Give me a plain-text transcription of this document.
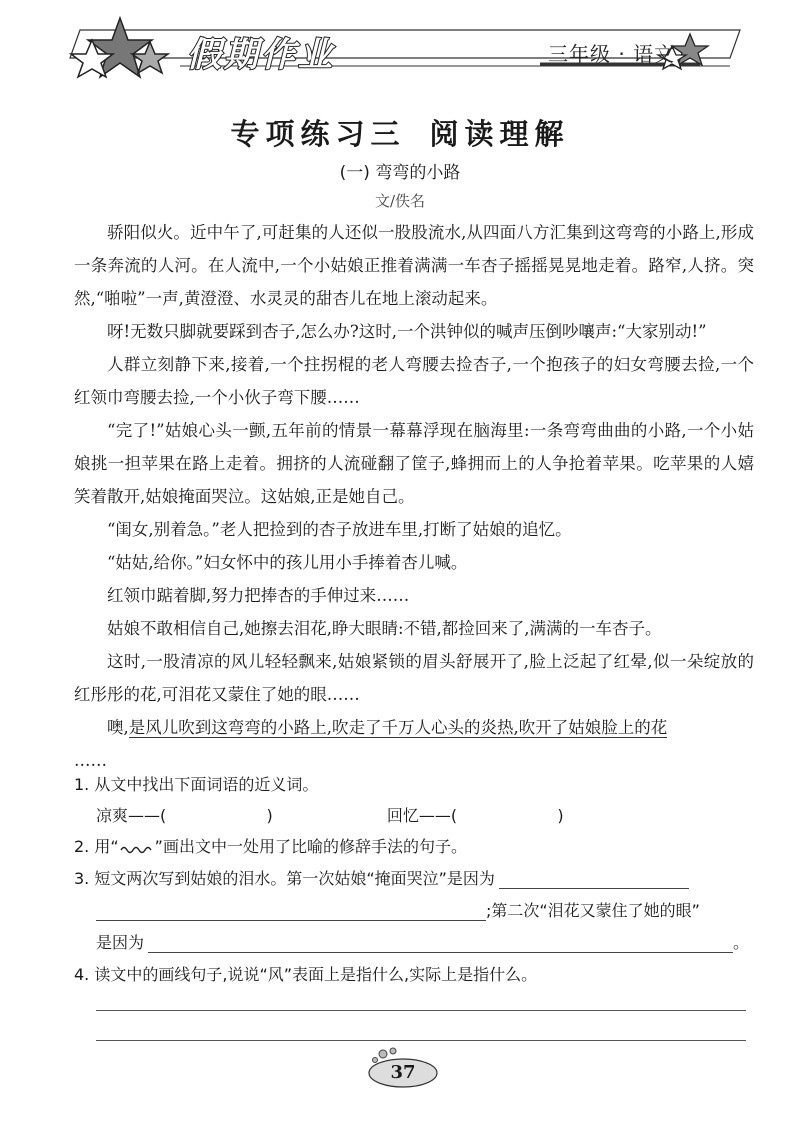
假期作业	三年级 · 语文
专项练习三 阅读理解
(一) 弯弯的小路
文/佚名

骄阳似火。近中午了,可赶集的人还似一股股流水,从四面八方汇集到这弯弯的小路上,形成一条奔流的人河。在人流中,一个小姑娘正推着满满一车杏子摇摇晃晃地走着。路窄,人挤。突然,“啪啦”一声,黄澄澄、水灵灵的甜杏儿在地上滚动起来。

呀!无数只脚就要踩到杏子,怎么办?这时,一个洪钟似的喊声压倒吵嚷声:“大家别动!”

人群立刻静下来,接着,一个拄拐棍的老人弯腰去捡杏子,一个抱孩子的妇女弯腰去捡,一个红领巾弯腰去捡,一个小伙子弯下腰……

“完了!”姑娘心头一颤,五年前的情景一幕幕浮现在脑海里:一条弯弯曲曲的小路,一个小姑娘挑一担苹果在路上走着。拥挤的人流碰翻了筐子,蜂拥而上的人争抢着苹果。吃苹果的人嬉笑着散开,姑娘掩面哭泣。这姑娘,正是她自己。

“闺女,别着急。”老人把捡到的杏子放进车里,打断了姑娘的追忆。

“姑姑,给你。”妇女怀中的孩儿用小手捧着杏儿喊。

红领巾踮着脚,努力把捧杏的手伸过来……

姑娘不敢相信自己,她擦去泪花,睁大眼睛:不错,都捡回来了,满满的一车杏子。

这时,一股清凉的风儿轻轻飘来,姑娘紧锁的眉头舒展开了,脸上泛起了红晕,似一朵绽放的红彤彤的花,可泪花又蒙住了她的眼……

噢,是风儿吹到这弯弯的小路上,吹走了千万人心头的炎热,吹开了姑娘脸上的花

……

1. 从文中找出下面词语的近义词。
凉爽——(	)	回忆——(	)
2. 用“ ”画出文中一处用了比喻的修辞手法的句子。
3. 短文两次写到姑娘的泪水。第一次姑娘“掩面哭泣”是因为
;第二次“泪花又蒙住了她的眼”
是因为	。
4. 读文中的画线句子,说说“风”表面上是指什么,实际上是指什么。
37
